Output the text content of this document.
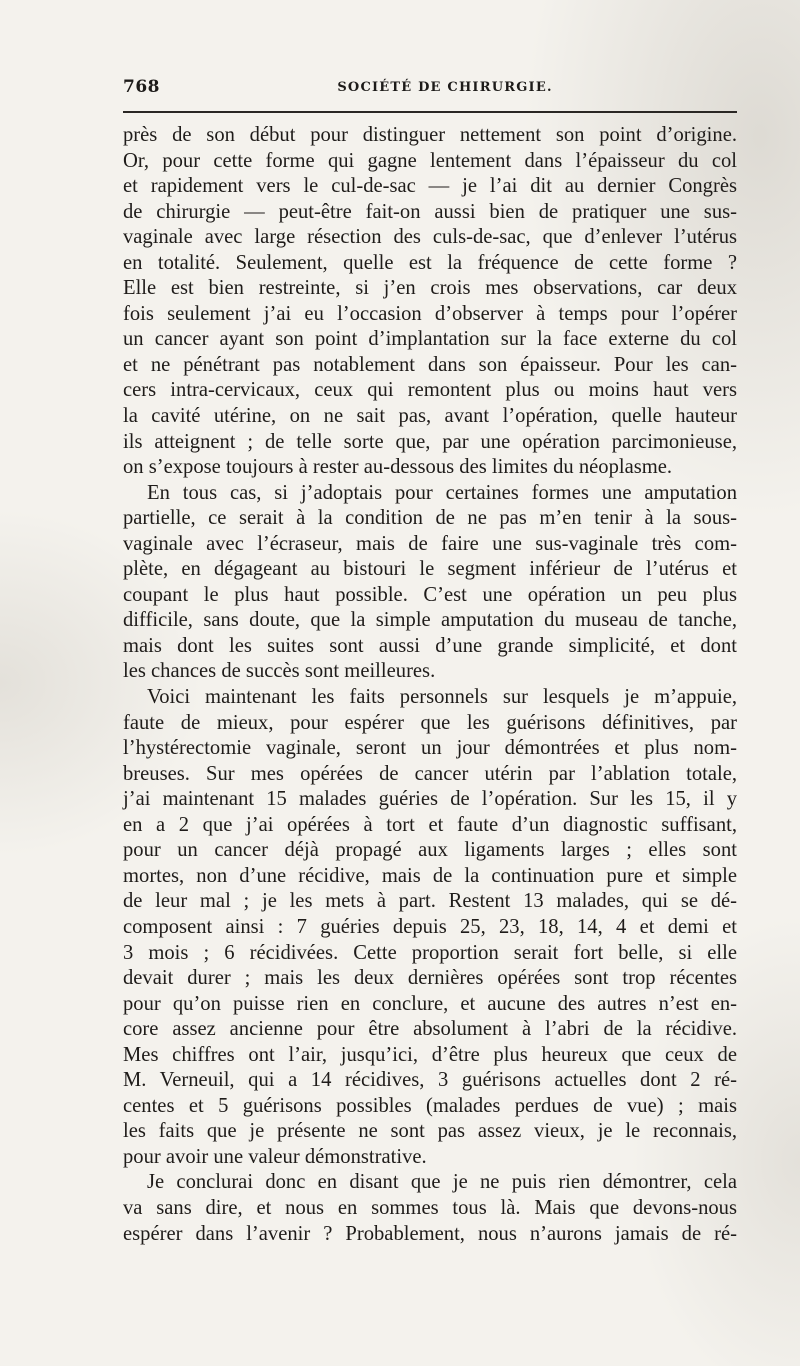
768	SOCIÉTÉ DE CHIRURGIE.
près de son début pour distinguer nettement son point d’origine.
Or, pour cette forme qui gagne lentement dans l’épaisseur du col
et rapidement vers le cul-de-sac — je l’ai dit au dernier Congrès
de chirurgie — peut-être fait-on aussi bien de pratiquer une sus-
vaginale avec large résection des culs-de-sac, que d’enlever l’utérus
en totalité. Seulement, quelle est la fréquence de cette forme ?
Elle est bien restreinte, si j’en crois mes observations, car deux
fois seulement j’ai eu l’occasion d’observer à temps pour l’opérer
un cancer ayant son point d’implantation sur la face externe du col
et ne pénétrant pas notablement dans son épaisseur. Pour les can-
cers intra-cervicaux, ceux qui remontent plus ou moins haut vers
la cavité utérine, on ne sait pas, avant l’opération, quelle hauteur
ils atteignent ; de telle sorte que, par une opération parcimonieuse,
on s’expose toujours à rester au-dessous des limites du néoplasme.
En tous cas, si j’adoptais pour certaines formes une amputation
partielle, ce serait à la condition de ne pas m’en tenir à la sous-
vaginale avec l’écraseur, mais de faire une sus-vaginale très com-
plète, en dégageant au bistouri le segment inférieur de l’utérus et
coupant le plus haut possible. C’est une opération un peu plus
difficile, sans doute, que la simple amputation du museau de tanche,
mais dont les suites sont aussi d’une grande simplicité, et dont
les chances de succès sont meilleures.
Voici maintenant les faits personnels sur lesquels je m’appuie,
faute de mieux, pour espérer que les guérisons définitives, par
l’hystérectomie vaginale, seront un jour démontrées et plus nom-
breuses. Sur mes opérées de cancer utérin par l’ablation totale,
j’ai maintenant 15 malades guéries de l’opération. Sur les 15, il y
en a 2 que j’ai opérées à tort et faute d’un diagnostic suffisant,
pour un cancer déjà propagé aux ligaments larges ; elles sont
mortes, non d’une récidive, mais de la continuation pure et simple
de leur mal ; je les mets à part. Restent 13 malades, qui se dé-
composent ainsi : 7 guéries depuis 25, 23, 18, 14, 4 et demi et
3 mois ; 6 récidivées. Cette proportion serait fort belle, si elle
devait durer ; mais les deux dernières opérées sont trop récentes
pour qu’on puisse rien en conclure, et aucune des autres n’est en-
core assez ancienne pour être absolument à l’abri de la récidive.
Mes chiffres ont l’air, jusqu’ici, d’être plus heureux que ceux de
M. Verneuil, qui a 14 récidives, 3 guérisons actuelles dont 2 ré-
centes et 5 guérisons possibles (malades perdues de vue) ; mais
les faits que je présente ne sont pas assez vieux, je le reconnais,
pour avoir une valeur démonstrative.
Je conclurai donc en disant que je ne puis rien démontrer, cela
va sans dire, et nous en sommes tous là. Mais que devons-nous
espérer dans l’avenir ? Probablement, nous n’aurons jamais de ré-
